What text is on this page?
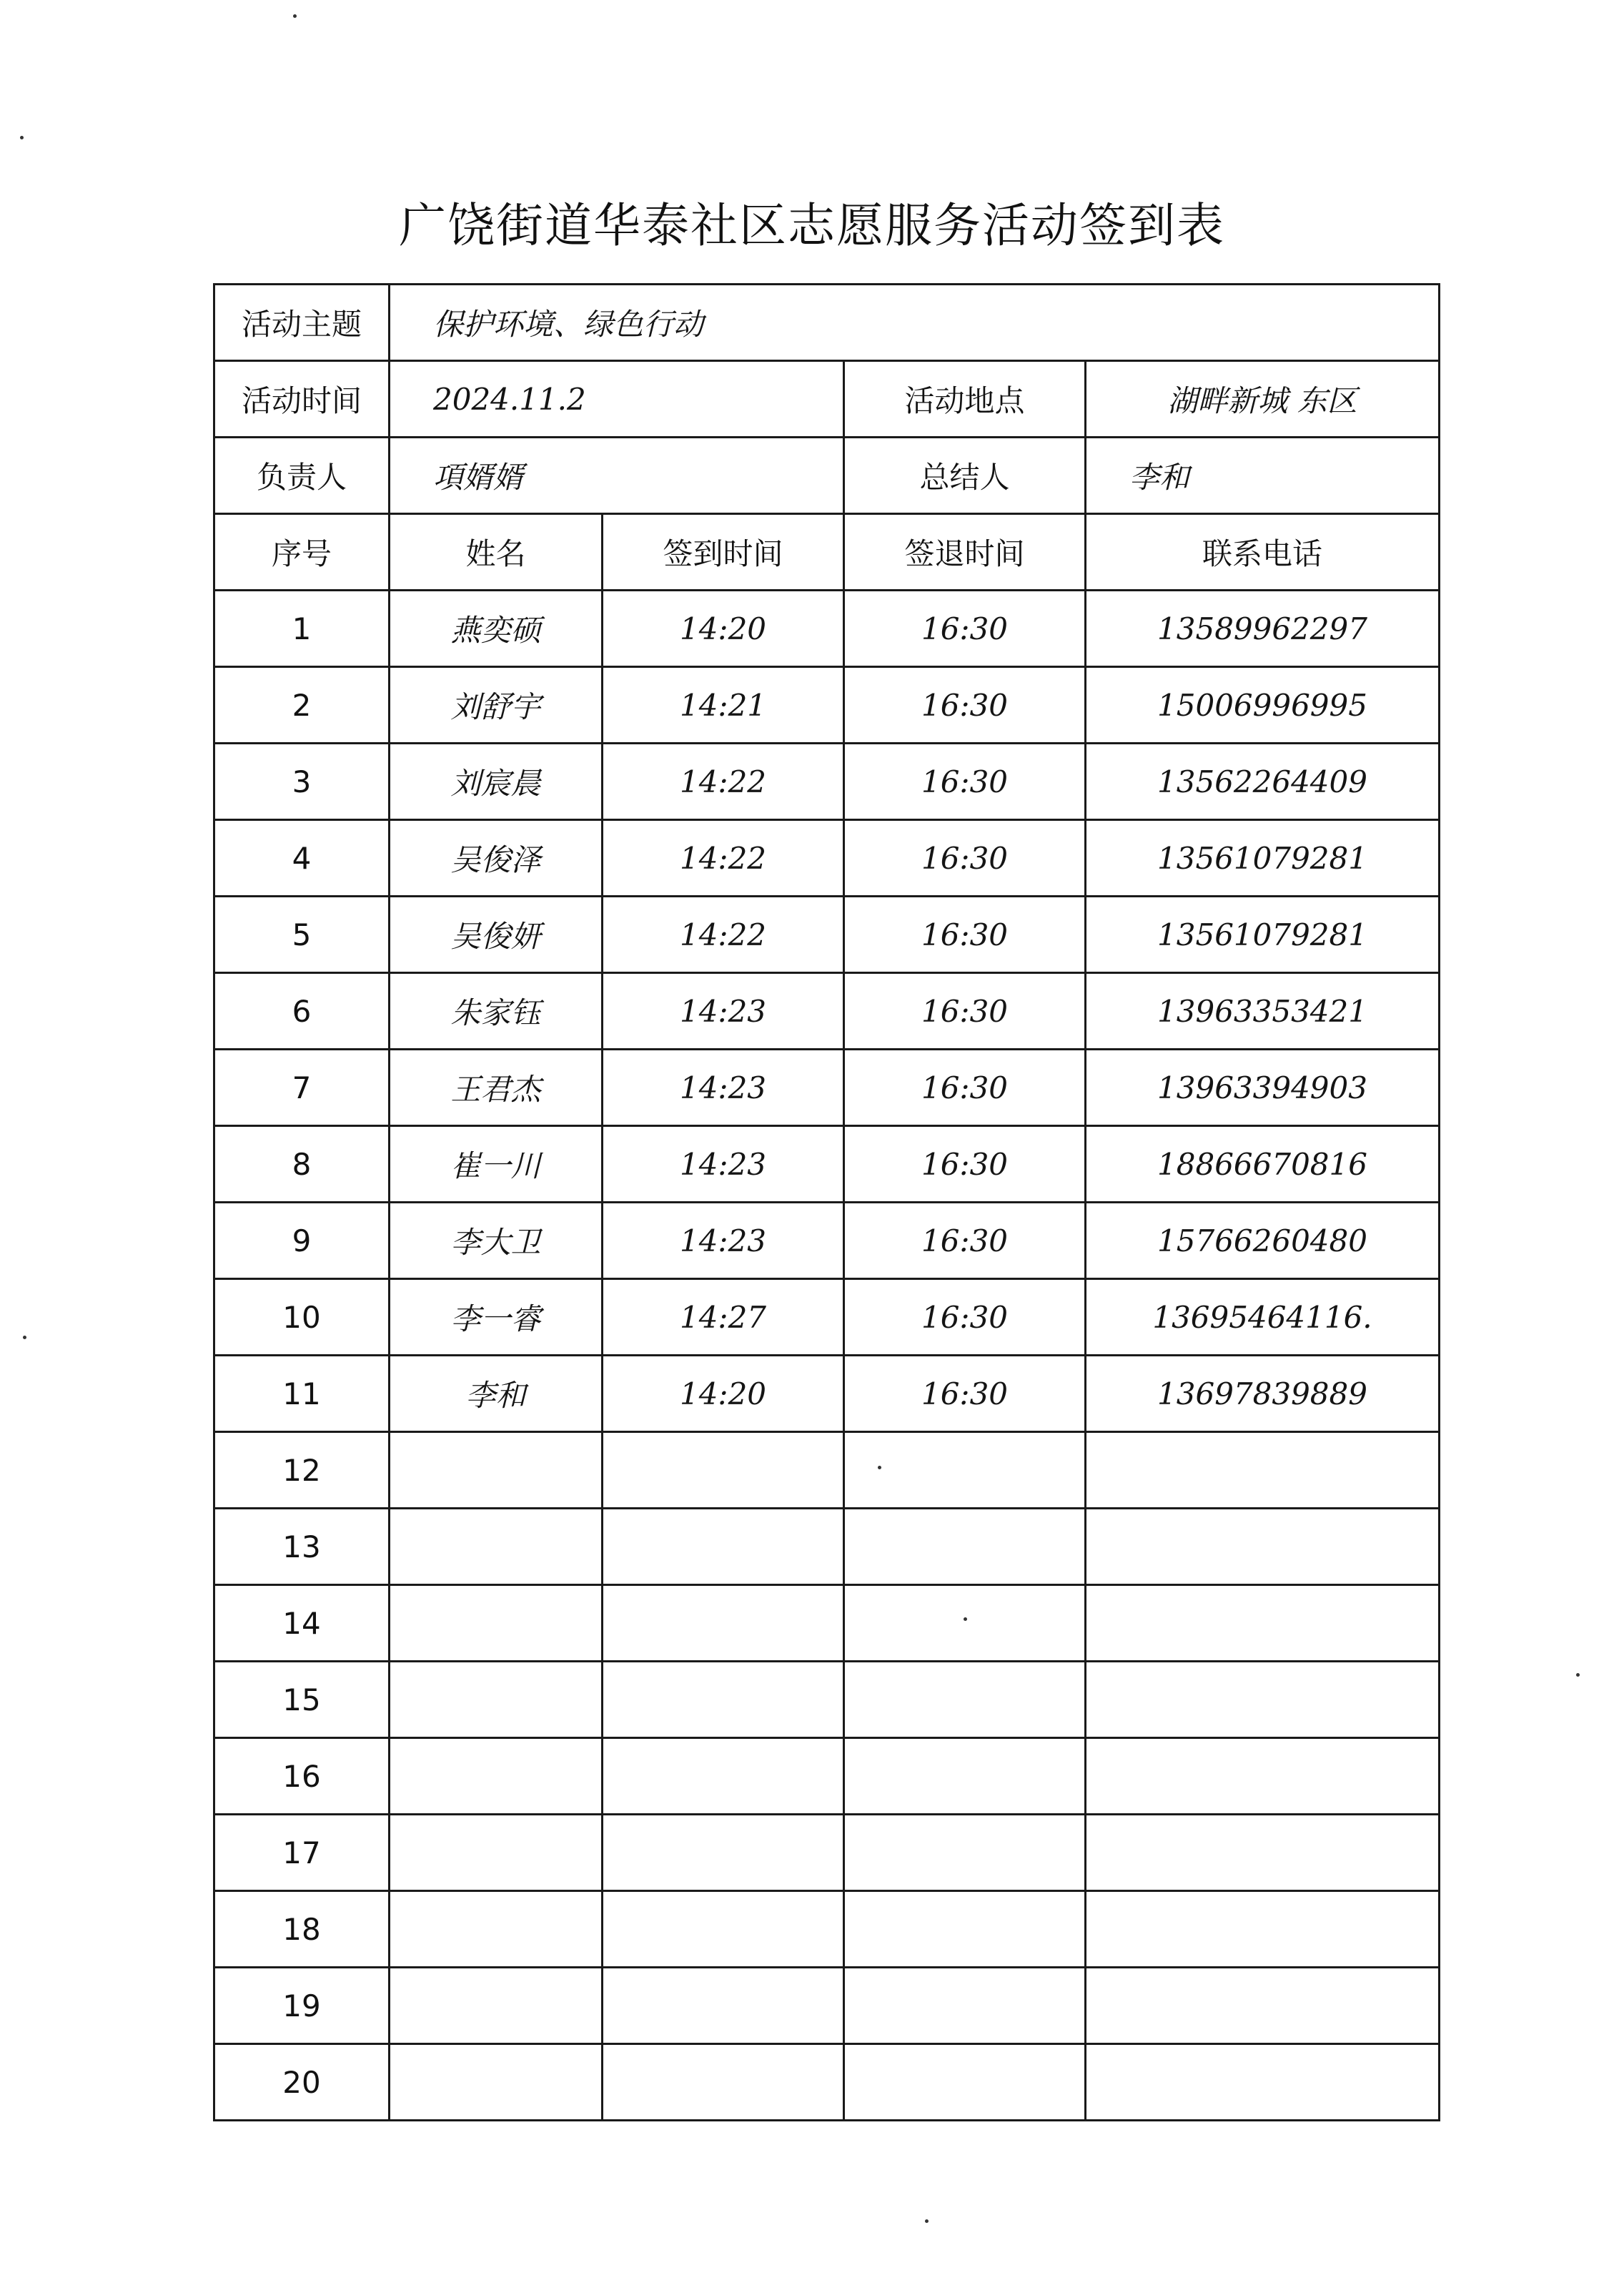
广饶街道华泰社区志愿服务活动签到表
活动主题	保护环境、绿色行动			
活动时间	2024.11.2		活动地点	湖畔新城 东区
负责人	項婿婿		总结人	李和
序号	姓名	签到时间	签退时间	联系电话
1	燕奕硕	14:20	16:30	13589962297
2	刘舒宇	14:21	16:30	15006996995
3	刘宸晨	14:22	16:30	13562264409
4	吴俊泽	14:22	16:30	13561079281
5	吴俊妍	14:22	16:30	13561079281
6	朱家钰	14:23	16:30	13963353421
7	王君杰	14:23	16:30	13963394903
8	崔一川	14:23	16:30	18866670816
9	李大卫	14:23	16:30	15766260480
10	李一睿	14:27	16:30	13695464116.
11	李和	14:20	16:30	13697839889
12				
13				
14				
15				
16				
17				
18				
19				
20				
